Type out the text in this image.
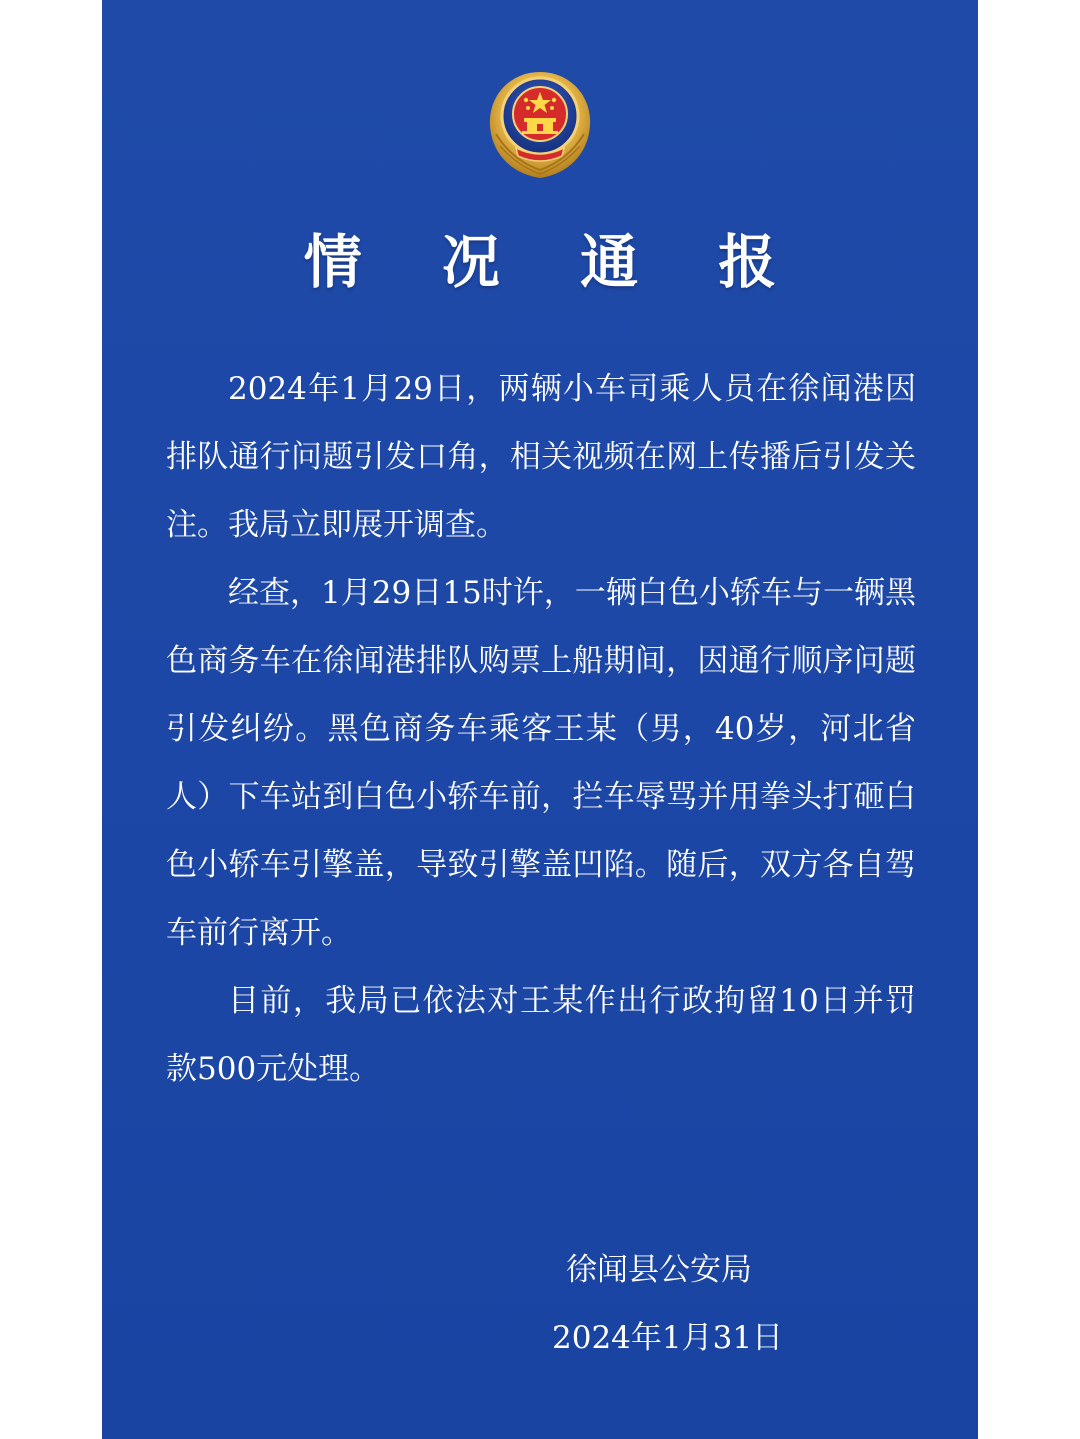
情 况 通 报

2024年1月29日，两辆小车司乘人员在徐闻港因排队通行问题引发口角，相关视频在网上传播后引发关注。我局立即展开调查。

经查，1月29日15时许，一辆白色小轿车与一辆黑色商务车在徐闻港排队购票上船期间，因通行顺序问题引发纠纷。黑色商务车乘客王某（男，40岁，河北省人）下车站到白色小轿车前，拦车辱骂并用拳头打砸白色小轿车引擎盖，导致引擎盖凹陷。随后，双方各自驾车前行离开。

目前，我局已依法对王某作出行政拘留10日并罚款500元处理。

徐闻县公安局
2024年1月31日
